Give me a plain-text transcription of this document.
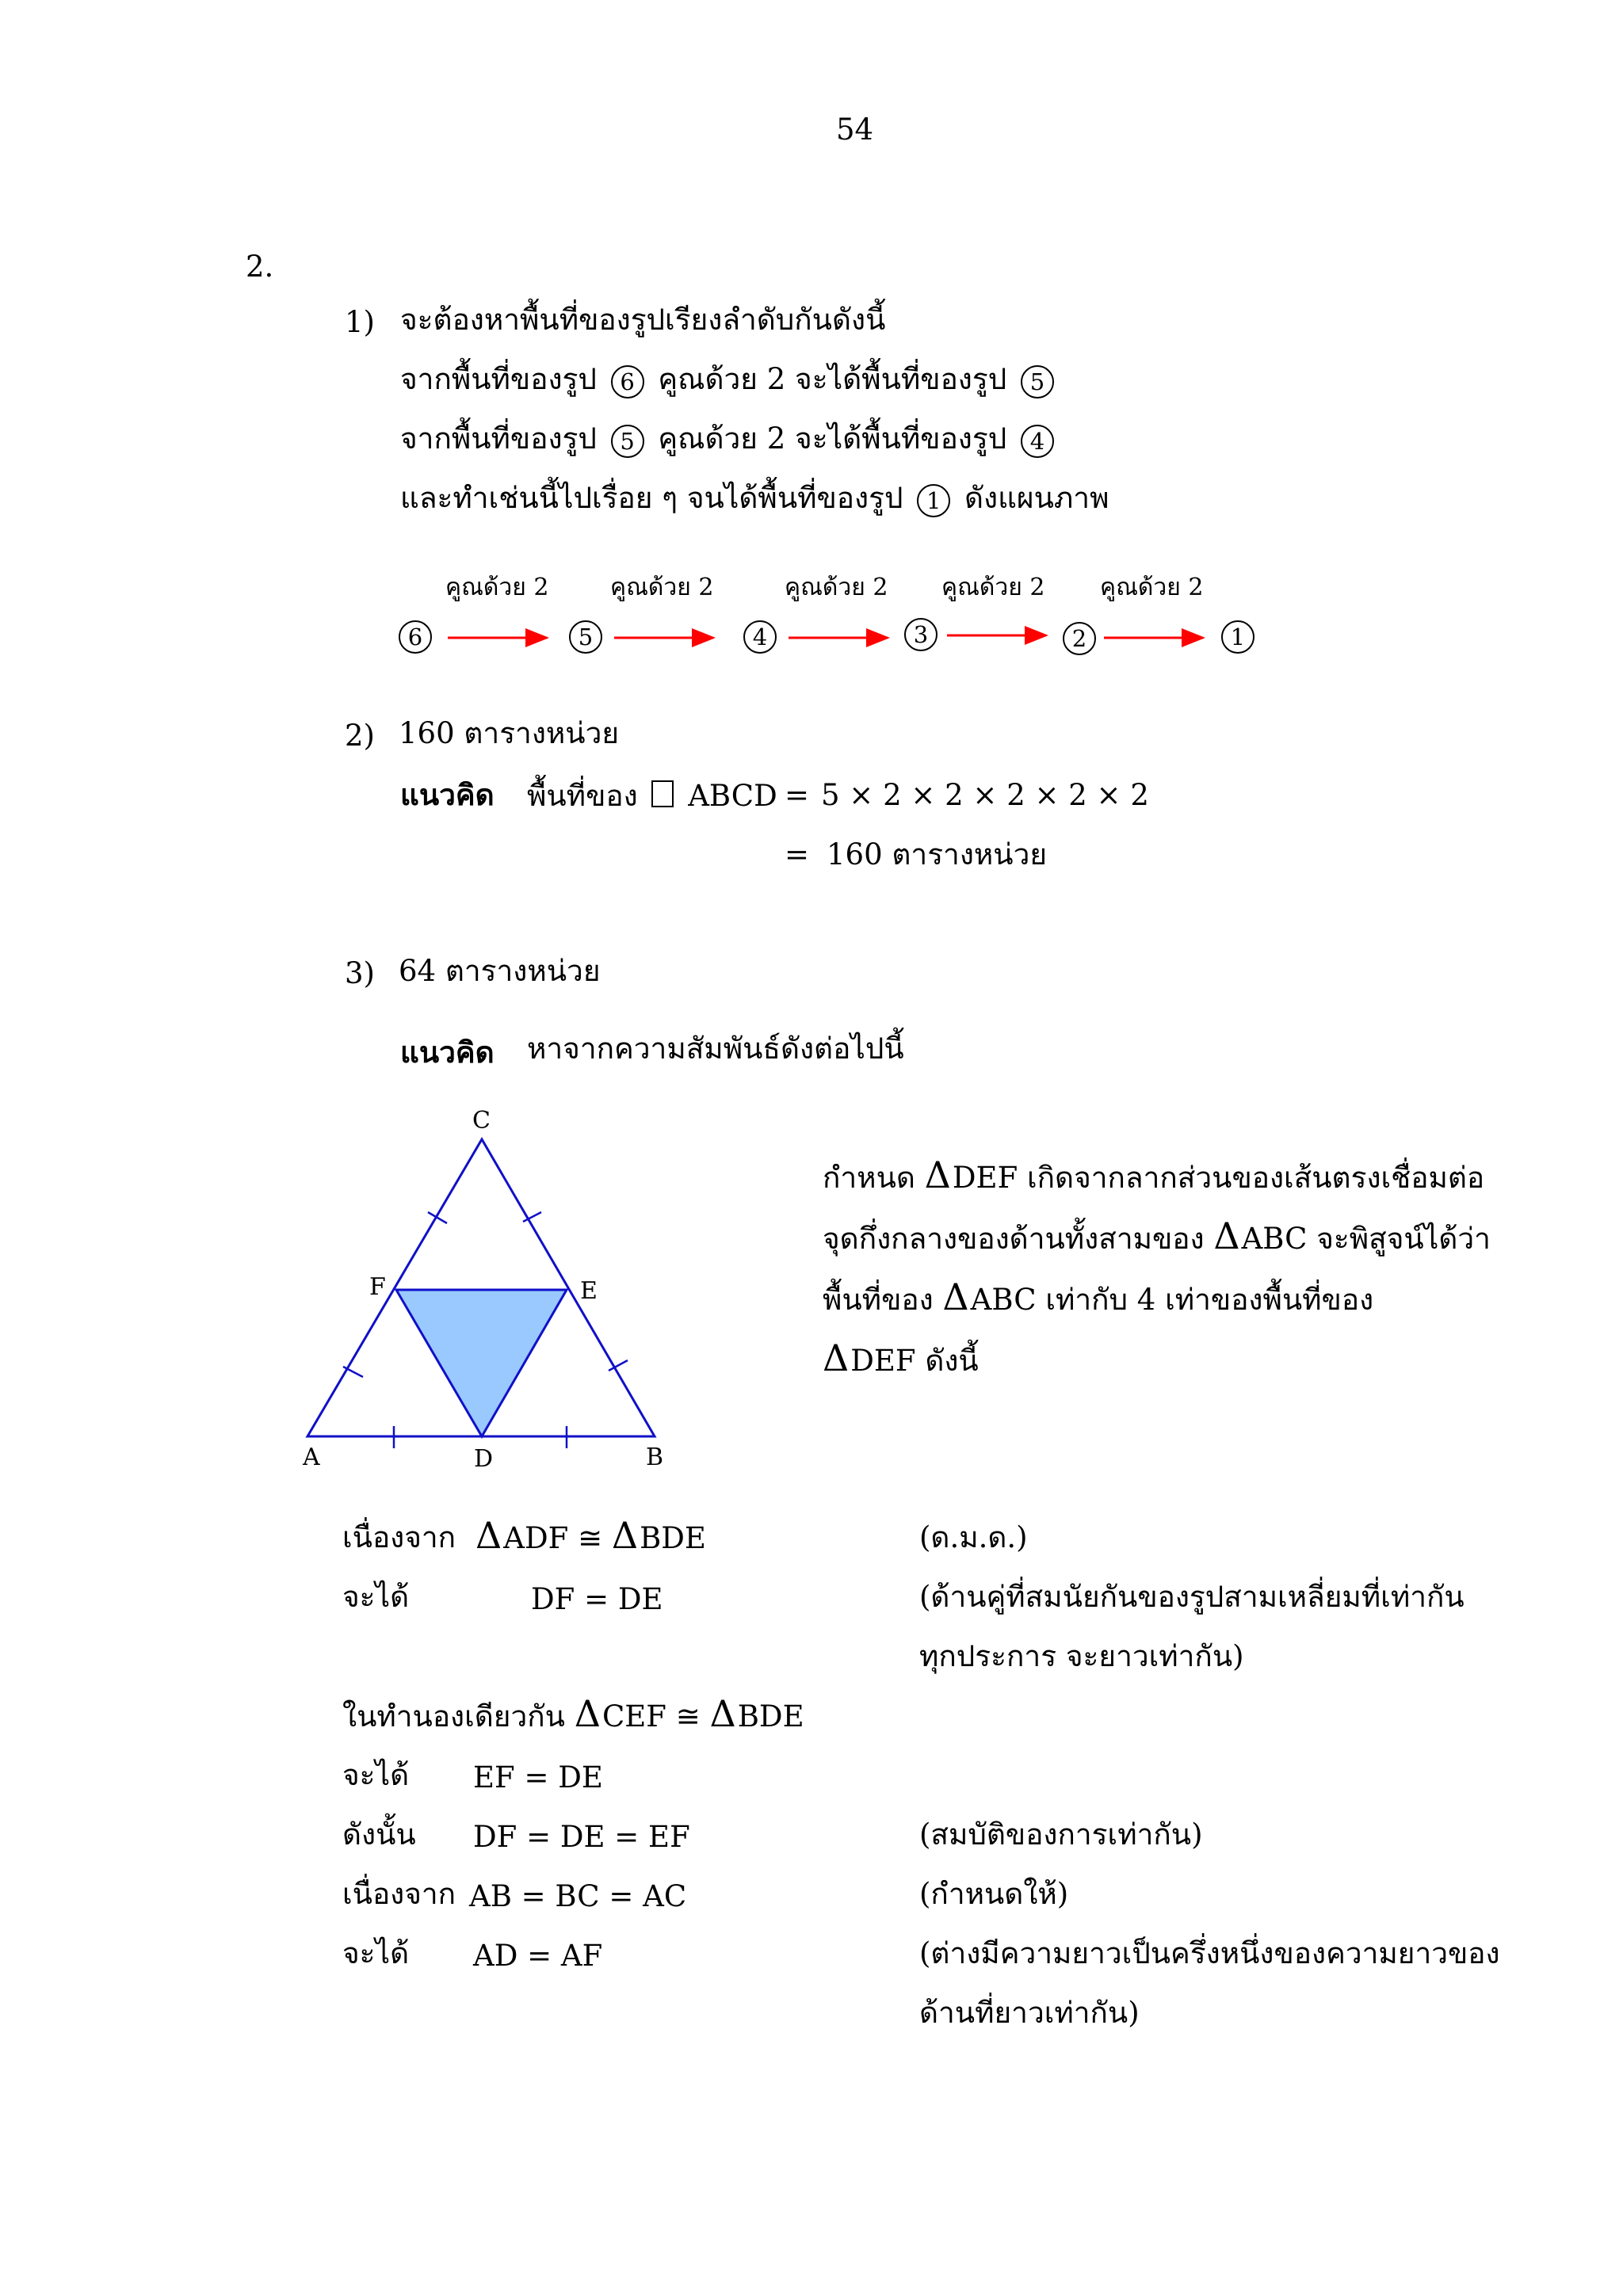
54
2.
1) จะต้องหาพื้นที่ของรูปเรียงลำดับกันดังนี้
จากพื้นที่ของรูป 6 คูณด้วย 2 จะได้พื้นที่ของรูป 5
จากพื้นที่ของรูป 5 คูณด้วย 2 จะได้พื้นที่ของรูป 4
และทำเช่นนี้ไปเรื่อย ๆ จนได้พื้นที่ของรูป 1 ดังแผนภาพ
6	5	4	3	2	1
คูณด้วย 2	คูณด้วย 2	คูณด้วย 2 คูณด้วย 2 คูณด้วย 2
2) 160 ตารางหน่วย
แนวคิด พื้นที่ของ ABCD = 5 × 2 × 2 × 2 × 2 × 2
= 160 ตารางหน่วย
3) 64 ตารางหน่วย
แนวคิด หาจากความสัมพันธ์ดังต่อไปนี้
C
F	E
A	D	B
กำหนด ΔDEF เกิดจากลากส่วนของเส้นตรงเชื่อมต่อ
จุดกึ่งกลางของด้านทั้งสามของ ΔABC จะพิสูจน์ได้ว่า
พื้นที่ของ ΔABC เท่ากับ 4 เท่าของพื้นที่ของ
ΔDEF ดังนี้
เนื่องจาก ΔADF ≅ ΔBDE	(ด.ม.ด.)
จะได้	DF = DE	(ด้านคู่ที่สมนัยกันของรูปสามเหลี่ยมที่เท่ากัน
ทุกประการ จะยาวเท่ากัน)
ในทำนองเดียวกัน ΔCEF ≅ ΔBDE
จะได้ EF = DE
ดังนั้น DF = DE = EF	(สมบัติของการเท่ากัน)
เนื่องจาก AB = BC = AC	(กำหนดให้)
จะได้ AD = AF	(ต่างมีความยาวเป็นครึ่งหนึ่งของความยาวของ
ด้านที่ยาวเท่ากัน)
